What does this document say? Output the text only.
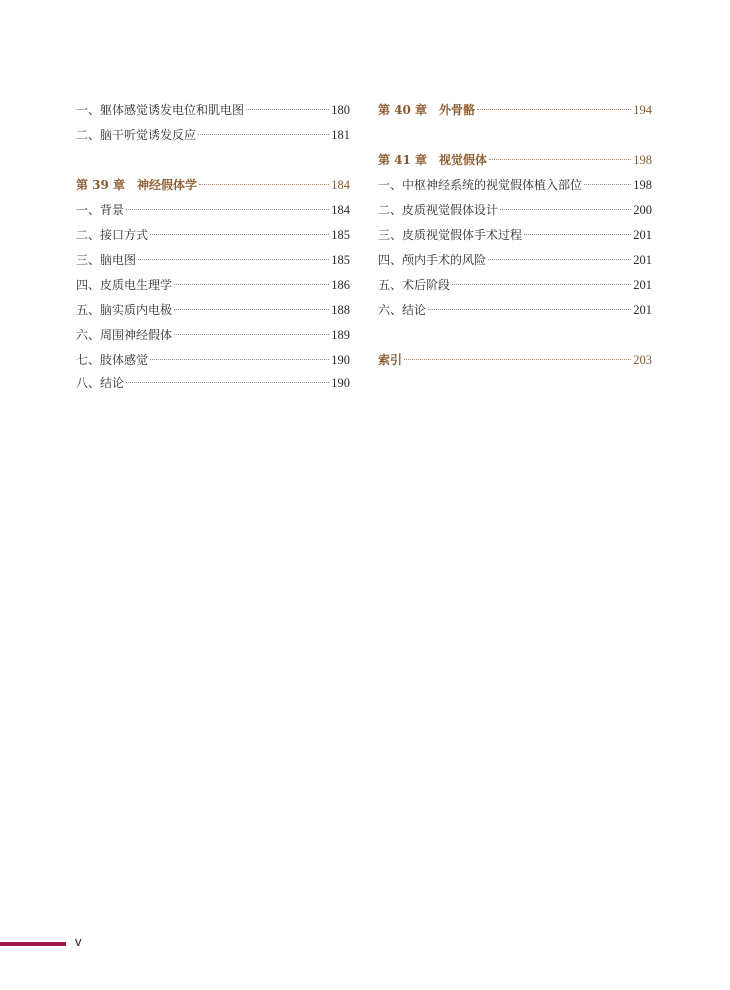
一、躯体感觉诱发电位和肌电图	180
二、脑干听觉诱发反应	181
第 39 章　神经假体学	184
一、背景	184
二、接口方式	185
三、脑电图	185
四、皮质电生理学	186
五、脑实质内电极	188
六、周围神经假体	189
七、肢体感觉	190
八、结论	190
第 40 章　外骨骼	194
第 41 章　视觉假体	198
一、中枢神经系统的视觉假体植入部位	198
二、皮质视觉假体设计	200
三、皮质视觉假体手术过程	201
四、颅内手术的风险	201
五、术后阶段	201
六、结论	201
索引	203
v
